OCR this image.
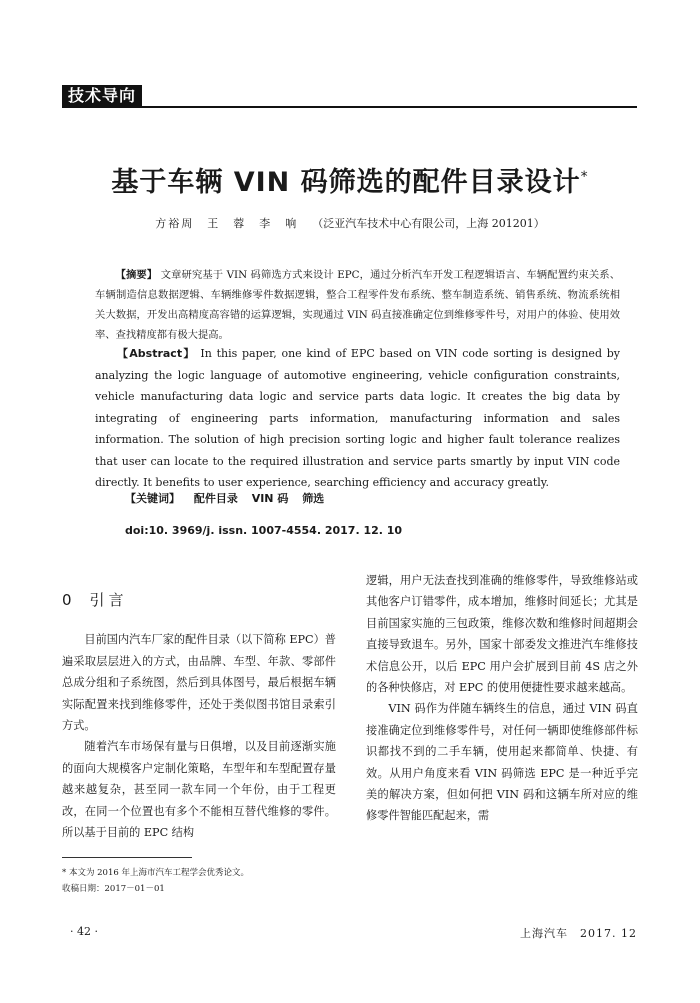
技术导向
基于车辆 VIN 码筛选的配件目录设计*
方裕周　王　蓉　李　响 （泛亚汽车技术中心有限公司，上海 201201）
【摘要】 文章研究基于 VIN 码筛选方式来设计 EPC，通过分析汽车开发工程逻辑语言、车辆配置约束关系、车辆制造信息数据逻辑、车辆维修零件数据逻辑，整合工程零件发布系统、整车制造系统、销售系统、物流系统相关大数据，开发出高精度高容错的运算逻辑，实现通过 VIN 码直接准确定位到维修零件号，对用户的体验、使用效率、查找精度都有极大提高。
【Abstract】 In this paper, one kind of EPC based on VIN code sorting is designed by analyzing the logic language of automotive engineering, vehicle configuration constraints, vehicle manufacturing data logic and service parts data logic. It creates the big data by integrating of engineering parts information, manufacturing information and sales information. The solution of high precision sorting logic and higher fault tolerance realizes that user can locate to the required illustration and service parts smartly by input VIN code directly. It benefits to user experience, searching efficiency and accuracy greatly.
【关键词】 配件目录 VIN 码 筛选
doi:10. 3969/j. issn. 1007-4554. 2017. 12. 10
0 引言

目前国内汽车厂家的配件目录（以下简称 EPC）普遍采取层层进入的方式，由品牌、车型、年款、零部件总成分组和子系统图，然后到具体图号，最后根据车辆实际配置来找到维修零件，还处于类似图书馆目录索引方式。

随着汽车市场保有量与日俱增，以及目前逐渐实施的面向大规模客户定制化策略，车型年和车型配置存量越来越复杂，甚至同一款车同一个年份，由于工程更改，在同一个位置也有多个不能相互替代维修的零件。所以基于目前的 EPC 结构

逻辑，用户无法查找到准确的维修零件，导致维修站或其他客户订错零件，成本增加，维修时间延长；尤其是目前国家实施的三包政策，维修次数和维修时间超期会直接导致退车。另外，国家十部委发文推进汽车维修技术信息公开，以后 EPC 用户会扩展到目前 4S 店之外的各种快修店，对 EPC 的使用便捷性要求越来越高。

VIN 码作为伴随车辆终生的信息，通过 VIN 码直接准确定位到维修零件号，对任何一辆即使维修部件标识都找不到的二手车辆，使用起来都简单、快捷、有效。从用户角度来看 VIN 码筛选 EPC 是一种近乎完美的解决方案，但如何把 VIN 码和这辆车所对应的维修零件智能匹配起来，需

* 本文为 2016 年上海市汽车工程学会优秀论文。
收稿日期：2017－01－01
· 42 ·	上海汽车　2017. 12
